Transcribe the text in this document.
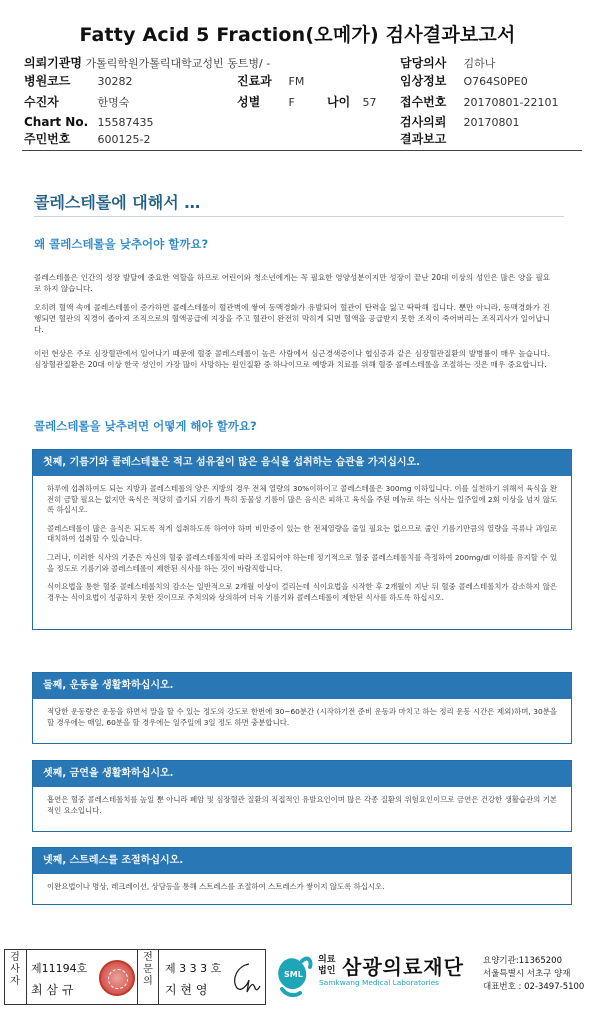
Fatty Acid 5 Fraction(오메가) 검사결과보고서
의뢰기관명 가톨릭학원가톨릭대학교성빈 동트병/ -
병원코드 30282	진료과 FM
수진자	한명숙	성별	F	나이 57
Chart No. 15587435
주민번호 600125-2
담당의사 김하나
임상정보 O764S0PE0
접수번호 20170801-22101
검사의뢰 20170801
결과보고
콜레스테롤에 대해서 …
왜 콜레스테롤을 낮추어야 할까요?
콜레스테롤은 인간의 성장 발달에 중요한 역할을 하므로 어린이와 청소년에게는 꼭 필요한 영양성분이지만 성장이 끝난 20대 이상의 성인은 많은 양을 필요로 하지 않습니다.
오히려 혈액 속에 콜레스테롤이 증가하면 콜레스테롤이 혈관벽에 쌓여 동맥경화가 유발되어 혈관이 탄력을 잃고 딱딱해 집니다. 뿐만 아니라, 동맥경화가 진행되면 혈관의 직경이 좁아져 조직으로의 혈액공급에 지장을 주고 혈관이 완전히 막히게 되면 혈액을 공급받지 못한 조직이 죽어버리는 조직괴사가 일어납니다.
이런 현상은 주로 심장혈관에서 일어나기 때문에 혈중 콜레스테롤이 높은 사람에서 심근경색증이나 협심증과 같은 심장혈관질환의 발병률이 매우 높습니다. 심장혈관질환은 20대 이상 한국 성인이 가장 많이 사망하는 원인질환 중 하나이므로 예방과 치료를 위해 혈중 콜레스테롤을 조절하는 것은 매우 중요합니다.
콜레스테롤을 낮추려면 어떻게 해야 할까요?
첫째, 기름기와 콜레스테롤은 적고 섬유질이 많은 음식을 섭취하는 습관을 가지십시오.

하루에 섭취하여도 되는 지방과 콜레스테롤의 양은 지방의 경우 전체 열량의 30%이하이고 콜레스테롤은 300mg 이하입니다. 이를 실천하기 위해서 육식을 완전히 금할 필요는 없지만 육식은 적당히 즐기되 기름기 특히 동물성 기름이 많은 음식은 피하고 육식을 주된 메뉴로 하는 식사는 일주일에 2회 이상을 넘지 않도록 하십시오.

콜레스테롤이 많은 음식은 되도록 적게 섭취하도록 하여야 하며 비만증이 있는 한 전체열량을 줄일 필요는 없으므로 줄인 기름기만큼의 열량을 곡류나 과일로 대치하여 섭취할 수 있습니다.

그러나, 이러한 식사의 기준은 자신의 혈중 콜레스테롤치에 따라 조절되어야 하는데 정기적으로 혈중 콜레스테롤치를 측정하여 200mg/dl 이하를 유지할 수 있을 정도로 기름기와 콜레스테롤이 제한된 식사를 하는 것이 바람직합니다.

식이요법을 통한 혈중 콜레스테롤치의 감소는 일반적으로 2개월 이상이 걸리는데 식이요법을 시작한 후 2개월이 지난 뒤 혈중 콜레스테롤치가 감소하지 않은 경우는 식이요법이 성공하지 못한 것이므로 주치의와 상의하여 더욱 기름기와 콜레스테롤이 제한된 식사를 하도록 하십시오.

둘째, 운동을 생활화하십시오.

적당한 운동량은 운동을 하면서 말을 할 수 있는 정도의 강도로 한번에 30~60분간 (시작하기전 준비 운동과 마치고 하는 정리 운동 시간은 제외)하며, 30분을 할 경우에는 매일, 60분을 할 경우에는 일주일에 3일 정도 하면 충분합니다.

셋째, 금연을 생활화하십시오.

흡연은 혈중 콜레스테롤치를 높일 뿐 아니라 폐암 및 심장혈관 질환의 직접적인 유발요인이며 많은 각종 질환의 위험요인이므로 금연은 건강한 생활습관의 기본적인 요소입니다.

넷째, 스트레스를 조절하십시오.

이완요법이나 명상, 레크레이션, 상담등을 통해 스트레스를 조절하여 스트레스가 쌓이지 않도록 하십시오.

검사자
제11194호
최 삼 규
전문의
제 3 3 3 호
지 현 영
SML
의료법인 삼광의료재단
Samkwang Medical Laboratories
요양기관:11365200
서울특별시 서초구 양재
대표번호 : 02-3497-5100
